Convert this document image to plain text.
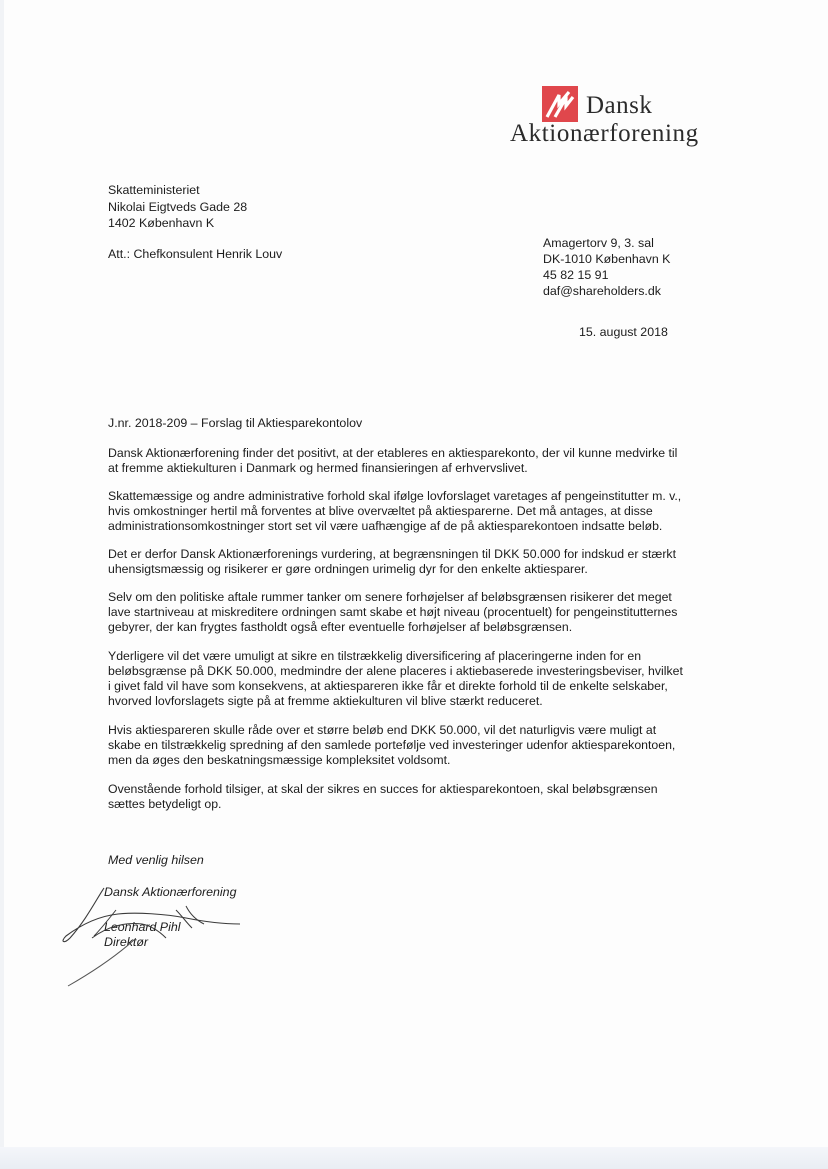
Dansk
Aktionærforening
Skatteministeriet
Nikolai Eigtveds Gade 28
1402 København K
Att.: Chefkonsulent Henrik Louv
Amagertorv 9, 3. sal
DK-1010 København K
45 82 15 91
daf@shareholders.dk
15. august 2018
J.nr. 2018-209 – Forslag til Aktiesparekontolov

Dansk Aktionærforening finder det positivt, at der etableres en aktiesparekonto, der vil kunne medvirke til

at fremme aktiekulturen i Danmark og hermed finansieringen af erhvervslivet.

Skattemæssige og andre administrative forhold skal ifølge lovforslaget varetages af pengeinstitutter m. v.,

hvis omkostninger hertil må forventes at blive overvæltet på aktiesparerne. Det må antages, at disse

administrationsomkostninger stort set vil være uafhængige af de på aktiesparekontoen indsatte beløb.

Det er derfor Dansk Aktionærforenings vurdering, at begrænsningen til DKK 50.000 for indskud er stærkt

uhensigtsmæssig og risikerer er gøre ordningen urimelig dyr for den enkelte aktiesparer.

Selv om den politiske aftale rummer tanker om senere forhøjelser af beløbsgrænsen risikerer det meget

lave startniveau at miskreditere ordningen samt skabe et højt niveau (procentuelt) for pengeinstitutternes

gebyrer, der kan frygtes fastholdt også efter eventuelle forhøjelser af beløbsgrænsen.

Yderligere vil det være umuligt at sikre en tilstrækkelig diversificering af placeringerne inden for en

beløbsgrænse på DKK 50.000, medmindre der alene placeres i aktiebaserede investeringsbeviser, hvilket

i givet fald vil have som konsekvens, at aktiespareren ikke får et direkte forhold til de enkelte selskaber,

hvorved lovforslagets sigte på at fremme aktiekulturen vil blive stærkt reduceret.

Hvis aktiespareren skulle råde over et større beløb end DKK 50.000, vil det naturligvis være muligt at

skabe en tilstrækkelig spredning af den samlede portefølje ved investeringer udenfor aktiesparekontoen,

men da øges den beskatningsmæssige kompleksitet voldsomt.

Ovenstående forhold tilsiger, at skal der sikres en succes for aktiesparekontoen, skal beløbsgrænsen

sættes betydeligt op.

Med venlig hilsen
Dansk Aktionærforening
Leonhard Pihl
Direktør
